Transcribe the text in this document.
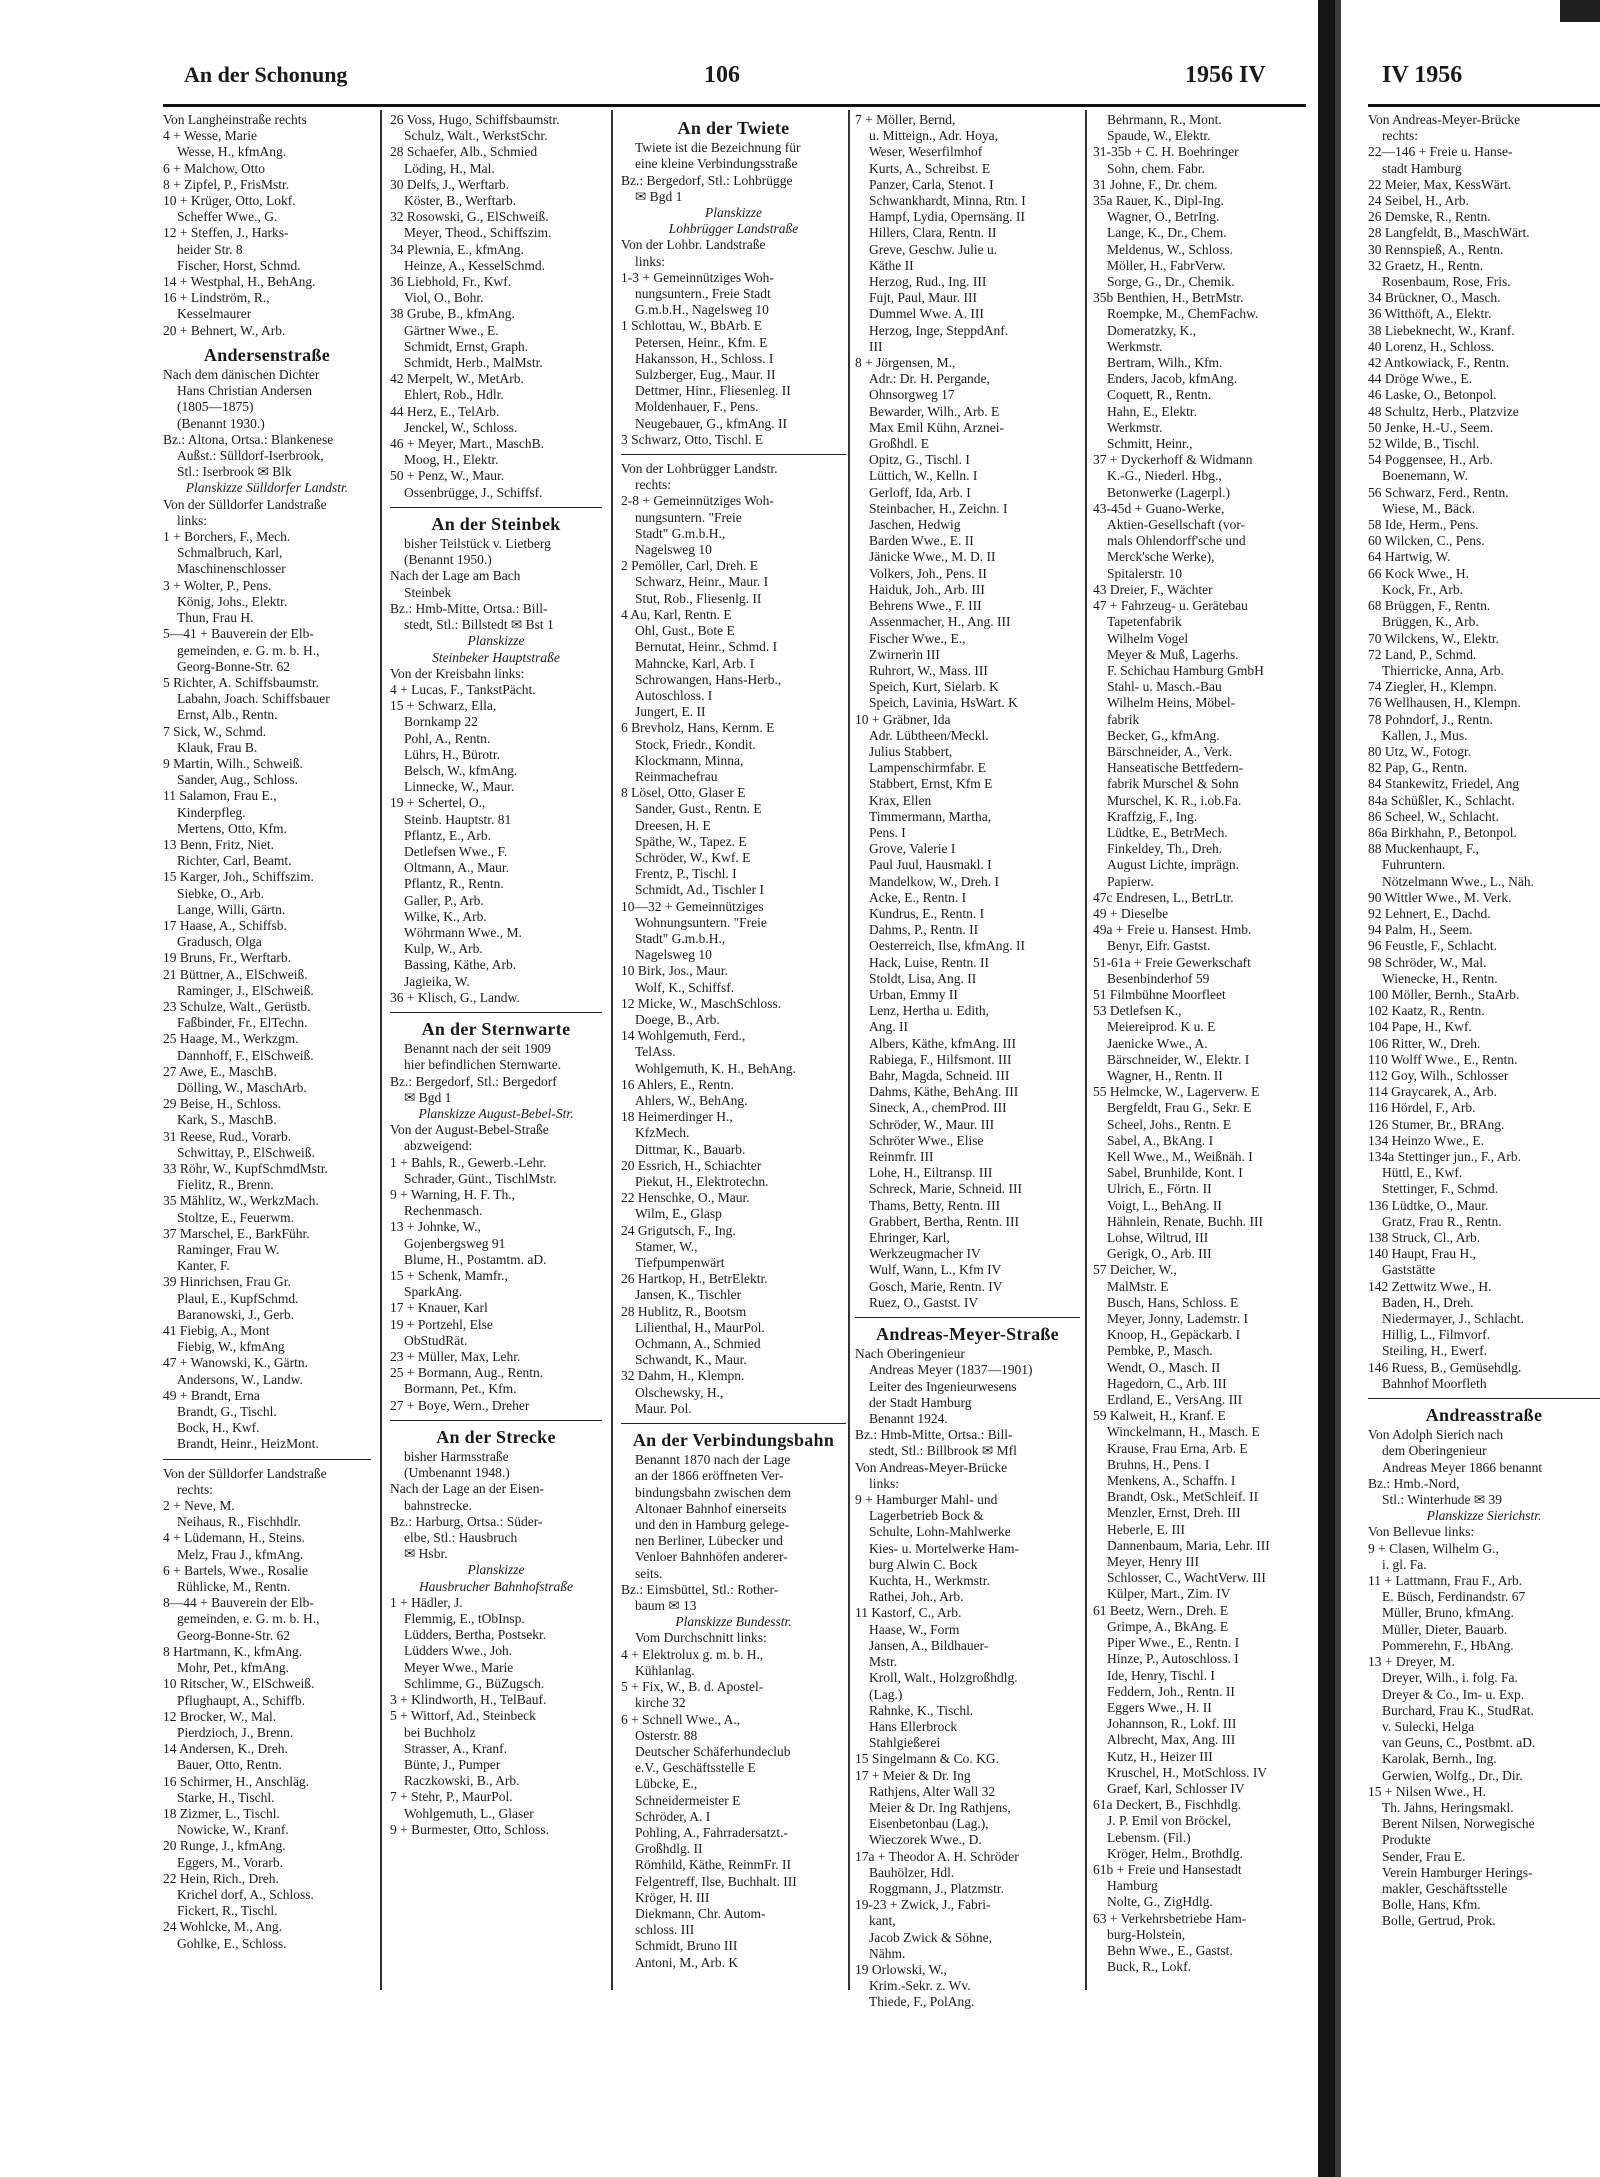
An der Schonung	106	1956 IV	IV 1956
Von Langheinstraße rechts
4 + Wesse, Marie
Wesse, H., kfmAng.
6 + Malchow, Otto
8 + Zipfel, P., FrisMstr.
10 + Krüger, Otto, Lokf.
Scheffer Wwe., G.
12 + Steffen, J., Harks-
heider Str. 8
Fischer, Horst, Schmd.
14 + Westphal, H., BehAng.
16 + Lindström, R.,
Kesselmaurer
20 + Behnert, W., Arb.
Andersenstraße
Nach dem dänischen Dichter
Hans Christian Andersen
(1805—1875)
(Benannt 1930.)
Bz.: Altona, Ortsa.: Blankenese
Außst.: Sülldorf-Iserbrook,
Stl.: Iserbrook ✉ Blk
Planskizze Sülldorfer Landstr.
Von der Sülldorfer Landstraße
links:
1 + Borchers, F., Mech.
Schmalbruch, Karl,
Maschinenschlosser
3 + Wolter, P., Pens.
König, Johs., Elektr.
Thun, Frau H.
5—41 + Bauverein der Elb-
gemeinden, e. G. m. b. H.,
Georg-Bonne-Str. 62
5 Richter, A. Schiffsbaumstr.
Labahn, Joach. Schiffsbauer
Ernst, Alb., Rentn.
7 Sick, W., Schmd.
Klauk, Frau B.
9 Martin, Wilh., Schweiß.
Sander, Aug., Schloss.
11 Salamon, Frau E.,
Kinderpfleg.
Mertens, Otto, Kfm.
13 Benn, Fritz, Niet.
Richter, Carl, Beamt.
15 Karger, Joh., Schiffszim.
Siebke, O., Arb.
Lange, Willi, Gärtn.
17 Haase, A., Schiffsb.
Gradusch, Olga
19 Bruns, Fr., Werftarb.
21 Büttner, A., ElSchweiß.
Raminger, J., ElSchweiß.
23 Schulze, Walt., Gerüstb.
Faßbinder, Fr., ElTechn.
25 Haage, M., Werkzgm.
Dannhoff, F., ElSchweiß.
27 Awe, E., MaschB.
Dölling, W., MaschArb.
29 Beise, H., Schloss.
Kark, S., MaschB.
31 Reese, Rud., Vorarb.
Schwittay, P., ElSchweiß.
33 Röhr, W., KupfSchmdMstr.
Fielitz, R., Brenn.
35 Mählitz, W., WerkzMach.
Stoltze, E., Feuerwm.
37 Marschel, E., BarkFühr.
Raminger, Frau W.
Kanter, F.
39 Hinrichsen, Frau Gr.
Plaul, E., KupfSchmd.
Baranowski, J., Gerb.
41 Fiebig, A., Mont
Fiebig, W., kfmAng
47 + Wanowski, K., Gärtn.
Andersons, W., Landw.
49 + Brandt, Erna
Brandt, G., Tischl.
Bock, H., Kwf.
Brandt, Heinr., HeizMont.
Von der Sülldorfer Landstraße
rechts:
2 + Neve, M.
Neihaus, R., Fischhdlr.
4 + Lüdemann, H., Steins.
Melz, Frau J., kfmAng.
6 + Bartels, Wwe., Rosalie
Rühlicke, M., Rentn.
8—44 + Bauverein der Elb-
gemeinden, e. G. m. b. H.,
Georg-Bonne-Str. 62
8 Hartmann, K., kfmAng.
Mohr, Pet., kfmAng.
10 Ritscher, W., ElSchweiß.
Pflughaupt, A., Schiffb.
12 Brocker, W., Mal.
Pierdzioch, J., Brenn.
14 Andersen, K., Dreh.
Bauer, Otto, Rentn.
16 Schirmer, H., Anschläg.
Starke, H., Tischl.
18 Zizmer, L., Tischl.
Nowicke, W., Kranf.
20 Runge, J., kfmAng.
Eggers, M., Vorarb.
22 Hein, Rich., Dreh.
Krichel dorf, A., Schloss.
Fickert, R., Tischl.
24 Wohlcke, M., Ang.
Gohlke, E., Schloss.
26 Voss, Hugo, Schiffsbaumstr.
Schulz, Walt., WerkstSchr.
28 Schaefer, Alb., Schmied
Löding, H., Mal.
30 Delfs, J., Werftarb.
Köster, B., Werftarb.
32 Rosowski, G., ElSchweiß.
Meyer, Theod., Schiffszim.
34 Plewnia, E., kfmAng.
Heinze, A., KesselSchmd.
36 Liebhold, Fr., Kwf.
Viol, O., Bohr.
38 Grube, B., kfmAng.
Gärtner Wwe., E.
Schmidt, Ernst, Graph.
Schmidt, Herb., MalMstr.
42 Merpelt, W., MetArb.
Ehlert, Rob., Hdlr.
44 Herz, E., TelArb.
Jenckel, W., Schloss.
46 + Meyer, Mart., MaschB.
Moog, H., Elektr.
50 + Penz, W., Maur.
Ossenbrügge, J., Schiffsf.
An der Steinbek
bisher Teilstück v. Lietberg
(Benannt 1950.)
Nach der Lage am Bach
Steinbek
Bz.: Hmb-Mitte, Ortsa.: Bill-
stedt, Stl.: Billstedt ✉ Bst 1
Planskizze
Steinbeker Hauptstraße
Von der Kreisbahn links:
4 + Lucas, F., TankstPächt.
15 + Schwarz, Ella,
Bornkamp 22
Pohl, A., Rentn.
Lührs, H., Bürotr.
Belsch, W., kfmAng.
Linnecke, W., Maur.
19 + Schertel, O.,
Steinb. Hauptstr. 81
Pflantz, E., Arb.
Detlefsen Wwe., F.
Oltmann, A., Maur.
Pflantz, R., Rentn.
Galler, P., Arb.
Wilke, K., Arb.
Wöhrmann Wwe., M.
Kulp, W., Arb.
Bassing, Käthe, Arb.
Jagieika, W.
36 + Klisch, G., Landw.
An der Sternwarte
Benannt nach der seit 1909
hier befindlichen Sternwarte.
Bz.: Bergedorf, Stl.: Bergedorf
✉ Bgd 1
Planskizze August-Bebel-Str.
Von der August-Bebel-Straße
abzweigend:
1 + Bahls, R., Gewerb.-Lehr.
Schrader, Günt., TischlMstr.
9 + Warning, H. F. Th.,
Rechenmasch.
13 + Johnke, W.,
Gojenbergsweg 91
Blume, H., Postamtm. aD.
15 + Schenk, Mamfr.,
SparkAng.
17 + Knauer, Karl
19 + Portzehl, Else
ObStudRät.
23 + Müller, Max, Lehr.
25 + Bormann, Aug., Rentn.
Bormann, Pet., Kfm.
27 + Boye, Wern., Dreher
An der Strecke
bisher Harmsstraße
(Umbenannt 1948.)
Nach der Lage an der Eisen-
bahnstrecke.
Bz.: Harburg, Ortsa.: Süder-
elbe, Stl.: Hausbruch
✉ Hsbr.
Planskizze
Hausbrucher Bahnhofstraße
1 + Hädler, J.
Flemmig, E., tObInsp.
Lüdders, Bertha, Postsekr.
Lüdders Wwe., Joh.
Meyer Wwe., Marie
Schlimme, G., BüZugsch.
3 + Klindworth, H., TelBauf.
5 + Wittorf, Ad., Steinbeck
bei Buchholz
Strasser, A., Kranf.
Bünte, J., Pumper
Raczkowski, B., Arb.
7 + Stehr, P., MaurPol.
Wohlgemuth, L., Glaser
9 + Burmester, Otto, Schloss.
An der Twiete
Twiete ist die Bezeichnung für
eine kleine Verbindungsstraße
Bz.: Bergedorf, Stl.: Lohbrügge
✉ Bgd 1
Planskizze
Lohbrügger Landstraße
Von der Lohbr. Landstraße
links:
1-3 + Gemeinnütziges Woh-
nungsuntern., Freie Stadt
G.m.b.H., Nagelsweg 10
1 Schlottau, W., BbArb. E
Petersen, Heinr., Kfm. E
Hakansson, H., Schloss. I
Sulzberger, Eug., Maur. II
Dettmer, Hinr., Fliesenleg. II
Moldenhauer, F., Pens.
Neugebauer, G., kfmAng. II
3 Schwarz, Otto, Tischl. E
Von der Lohbrügger Landstr.
rechts:
2-8 + Gemeinnütziges Woh-
nungsuntern. "Freie
Stadt" G.m.b.H.,
Nagelsweg 10
2 Pemöller, Carl, Dreh. E
Schwarz, Heinr., Maur. I
Stut, Rob., Fliesenlg. II
4 Au, Karl, Rentn. E
Ohl, Gust., Bote E
Bernutat, Heinr., Schmd. I
Mahncke, Karl, Arb. I
Schrowangen, Hans-Herb.,
Autoschloss. I
Jungert, E. II
6 Brevholz, Hans, Kernm. E
Stock, Friedr., Kondit.
Klockmann, Minna,
Reinmachefrau
8 Lösel, Otto, Glaser E
Sander, Gust., Rentn. E
Dreesen, H. E
Späthe, W., Tapez. E
Schröder, W., Kwf. E
Frentz, P., Tischl. I
Schmidt, Ad., Tischler I
10—32 + Gemeinnütziges
Wohnungsuntern. "Freie
Stadt" G.m.b.H.,
Nagelsweg 10
10 Birk, Jos., Maur.
Wolf, K., Schiffsf.
12 Micke, W., MaschSchloss.
Doege, B., Arb.
14 Wohlgemuth, Ferd.,
TelAss.
Wohlgemuth, K. H., BehAng.
16 Ahlers, E., Rentn.
Ahlers, W., BehAng.
18 Heimerdinger H.,
KfzMech.
Dittmar, K., Bauarb.
20 Essrich, H., Schiachter
Piekut, H., Elektrotechn.
22 Henschke, O., Maur.
Wilm, E., Glasp
24 Grigutsch, F., Ing.
Stamer, W.,
Tiefpumpenwärt
26 Hartkop, H., BetrElektr.
Jansen, K., Tischler
28 Hublitz, R., Bootsm
Lilienthal, H., MaurPol.
Ochmann, A., Schmied
Schwandt, K., Maur.
32 Dahm, H., Klempn.
Olschewsky, H.,
Maur. Pol.
An der Verbindungsbahn
Benannt 1870 nach der Lage
an der 1866 eröffneten Ver-
bindungsbahn zwischen dem
Altonaer Bahnhof einerseits
und den in Hamburg gelege-
nen Berliner, Lübecker und
Venloer Bahnhöfen anderer-
seits.
Bz.: Eimsbüttel, Stl.: Rother-
baum ✉ 13
Planskizze Bundesstr.
Vom Durchschnitt links:
4 + Elektrolux g. m. b. H.,
Kühlanlag.
5 + Fix, W., B. d. Apostel-
kirche 32
6 + Schnell Wwe., A.,
Osterstr. 88
Deutscher Schäferhundeclub
e.V., Geschäftsstelle E
Lübcke, E.,
Schneidermeister E
Schröder, A. I
Pohling, A., Fahrradersatzt.-
Großhdlg. II
Römhild, Käthe, ReinmFr. II
Felgentreff, Ilse, Buchhalt. III
Kröger, H. III
Diekmann, Chr. Autom-
schloss. III
Schmidt, Bruno III
Antoni, M., Arb. K
7 + Möller, Bernd,
u. Mitteign., Adr. Hoya,
Weser, Weserfilmhof
Kurts, A., Schreibst. E
Panzer, Carla, Stenot. I
Schwankhardt, Minna, Rtn. I
Hampf, Lydia, Opernsäng. II
Hillers, Clara, Rentn. II
Greve, Geschw. Julie u.
Käthe II
Herzog, Rud., Ing. III
Fujt, Paul, Maur. III
Dummel Wwe. A. III
Herzog, Inge, SteppdAnf.
III
8 + Jörgensen, M.,
Adr.: Dr. H. Pergande,
Ohnsorgweg 17
Bewarder, Wilh., Arb. E
Max Emil Kühn, Arznei-
Großhdl. E
Opitz, G., Tischl. I
Lüttich, W., Kelln. I
Gerloff, Ida, Arb. I
Steinbacher, H., Zeichn. I
Jaschen, Hedwig
Barden Wwe., E. II
Jänicke Wwe., M. D. II
Volkers, Joh., Pens. II
Haiduk, Joh., Arb. III
Behrens Wwe., F. III
Assenmacher, H., Ang. III
Fischer Wwe., E.,
Zwirnerin III
Ruhrort, W., Mass. III
Speich, Kurt, Sielarb. K
Speich, Lavinia, HsWart. K
10 + Gräbner, Ida
Adr. Lübtheen/Meckl.
Julius Stabbert,
Lampenschirmfabr. E
Stabbert, Ernst, Kfm E
Krax, Ellen
Timmermann, Martha,
Pens. I
Grove, Valerie I
Paul Juul, Hausmakl. I
Mandelkow, W., Dreh. I
Acke, E., Rentn. I
Kundrus, E., Rentn. I
Dahms, P., Rentn. II
Oesterreich, Ilse, kfmAng. II
Hack, Luise, Rentn. II
Stoldt, Lisa, Ang. II
Urban, Emmy II
Lenz, Hertha u. Edith,
Ang. II
Albers, Käthe, kfmAng. III
Rabiega, F., Hilfsmont. III
Bahr, Magda, Schneid. III
Dahms, Käthe, BehAng. III
Sineck, A., chemProd. III
Schröder, W., Maur. III
Schröter Wwe., Elise
Reinmfr. III
Lohe, H., Eiltransp. III
Schreck, Marie, Schneid. III
Thams, Betty, Rentn. III
Grabbert, Bertha, Rentn. III
Ehringer, Karl,
Werkzeugmacher IV
Wulf, Wann, L., Kfm IV
Gosch, Marie, Rentn. IV
Ruez, O., Gastst. IV
Andreas-Meyer-Straße
Nach Oberingenieur
Andreas Meyer (1837—1901)
Leiter des Ingenieurwesens
der Stadt Hamburg
Benannt 1924.
Bz.: Hmb-Mitte, Ortsa.: Bill-
stedt, Stl.: Billbrook ✉ Mfl
Von Andreas-Meyer-Brücke
links:
9 + Hamburger Mahl- und
Lagerbetrieb Bock &
Schulte, Lohn-Mahlwerke
Kies- u. Mortelwerke Ham-
burg Alwin C. Bock
Kuchta, H., Werkmstr.
Rathei, Joh., Arb.
11 Kastorf, C., Arb.
Haase, W., Form
Jansen, A., Bildhauer-
Mstr.
Kroll, Walt., Holzgroßhdlg.
(Lag.)
Rahnke, K., Tischl.
Hans Ellerbrock
Stahlgießerei
15 Singelmann & Co. KG.
17 + Meier & Dr. Ing
Rathjens, Alter Wall 32
Meier & Dr. Ing Rathjens,
Eisenbetonbau (Lag.),
Wieczorek Wwe., D.
17a + Theodor A. H. Schröder
Bauhölzer, Hdl.
Roggmann, J., Platzmstr.
19-23 + Zwick, J., Fabri-
kant,
Jacob Zwick & Söhne,
Nähm.
19 Orlowski, W.,
Krim.-Sekr. z. Wv.
Thiede, F., PolAng.
Behrmann, R., Mont.
Spaude, W., Elektr.
31-35b + C. H. Boehringer
Sohn, chem. Fabr.
31 Johne, F., Dr. chem.
35a Rauer, K., Dipl-Ing.
Wagner, O., BetrIng.
Lange, K., Dr., Chem.
Meldenus, W., Schloss.
Möller, H., FabrVerw.
Sorge, G., Dr., Chemik.
35b Benthien, H., BetrMstr.
Roempke, M., ChemFachw.
Domeratzky, K.,
Werkmstr.
Bertram, Wilh., Kfm.
Enders, Jacob, kfmAng.
Coquett, R., Rentn.
Hahn, E., Elektr.
Werkmstr.
Schmitt, Heinr.,
37 + Dyckerhoff & Widmann
K.-G., Niederl. Hbg.,
Betonwerke (Lagerpl.)
43-45d + Guano-Werke,
Aktien-Gesellschaft (vor-
mals Ohlendorff'sche und
Merck'sche Werke),
Spitalerstr. 10
43 Dreier, F., Wächter
47 + Fahrzeug- u. Gerätebau
Tapetenfabrik
Wilhelm Vogel
Meyer & Muß, Lagerhs.
F. Schichau Hamburg GmbH
Stahl- u. Masch.-Bau
Wilhelm Heins, Möbel-
fabrik
Becker, G., kfmAng.
Bärschneider, A., Verk.
Hanseatische Bettfedern-
fabrik Murschel & Sohn
Murschel, K. R., i.ob.Fa.
Kraffzig, F., Ing.
Lüdtke, E., BetrMech.
Finkeldey, Th., Dreh.
August Lichte, imprägn.
Papierw.
47c Endresen, L., BetrLtr.
49 + Dieselbe
49a + Freie u. Hansest. Hmb.
Benyr, Eifr. Gastst.
51-61a + Freie Gewerkschaft
Besenbinderhof 59
51 Filmbühne Moorfleet
53 Detlefsen K.,
Meiereiprod. K u. E
Jaenicke Wwe., A.
Bärschneider, W., Elektr. I
Wagner, H., Rentn. II
55 Helmcke, W., Lagerverw. E
Bergfeldt, Frau G., Sekr. E
Scheel, Johs., Rentn. E
Sabel, A., BkAng. I
Kell Wwe., M., Weißnäh. I
Sabel, Brunhilde, Kont. I
Ulrich, E., Förtn. II
Voigt, L., BehAng. II
Hähnlein, Renate, Buchh. III
Lohse, Wiltrud, III
Gerigk, O., Arb. III
57 Deicher, W.,
MalMstr. E
Busch, Hans, Schloss. E
Meyer, Jonny, Lademstr. I
Knoop, H., Gepäckarb. I
Pembke, P., Masch.
Wendt, O., Masch. II
Hagedorn, C., Arb. III
Erdland, E., VersAng. III
59 Kalweit, H., Kranf. E
Winckelmann, H., Masch. E
Krause, Frau Erna, Arb. E
Bruhns, H., Pens. I
Menkens, A., Schaffn. I
Brandt, Osk., MetSchleif. II
Menzler, Ernst, Dreh. III
Heberle, E. III
Dannenbaum, Maria, Lehr. III
Meyer, Henry III
Schlosser, C., WachtVerw. III
Külper, Mart., Zim. IV
61 Beetz, Wern., Dreh. E
Grimpe, A., BkAng. E
Piper Wwe., E., Rentn. I
Hinze, P., Autoschloss. I
Ide, Henry, Tischl. I
Feddern, Joh., Rentn. II
Eggers Wwe., H. II
Johannson, R., Lokf. III
Albrecht, Max, Ang. III
Kutz, H., Heizer III
Kruschel, H., MotSchloss. IV
Graef, Karl, Schlosser IV
61a Deckert, B., Fischhdlg.
J. P. Emil von Bröckel,
Lebensm. (Fil.)
Kröger, Helm., Brothdlg.
61b + Freie und Hansestadt
Hamburg
Nolte, G., ZigHdlg.
63 + Verkehrsbetriebe Ham-
burg-Holstein,
Behn Wwe., E., Gastst.
Buck, R., Lokf.
Von Andreas-Meyer-Brücke
rechts:
22—146 + Freie u. Hanse-
stadt Hamburg
22 Meier, Max, KessWärt.
24 Seibel, H., Arb.
26 Demske, R., Rentn.
28 Langfeldt, B., MaschWärt.
30 Rennspieß, A., Rentn.
32 Graetz, H., Rentn.
Rosenbaum, Rose, Fris.
34 Brückner, O., Masch.
36 Witthöft, A., Elektr.
38 Liebeknecht, W., Kranf.
40 Lorenz, H., Schloss.
42 Antkowiack, F., Rentn.
44 Dröge Wwe., E.
46 Laske, O., Betonpol.
48 Schultz, Herb., Platzvize
50 Jenke, H.-U., Seem.
52 Wilde, B., Tischl.
54 Poggensee, H., Arb.
Boenemann, W.
56 Schwarz, Ferd., Rentn.
Wiese, M., Bäck.
58 Ide, Herm., Pens.
60 Wilcken, C., Pens.
64 Hartwig, W.
66 Kock Wwe., H.
Kock, Fr., Arb.
68 Brüggen, F., Rentn.
Brüggen, K., Arb.
70 Wilckens, W., Elektr.
72 Land, P., Schmd.
Thierricke, Anna, Arb.
74 Ziegler, H., Klempn.
76 Wellhausen, H., Klempn.
78 Pohndorf, J., Rentn.
Kallen, J., Mus.
80 Utz, W., Fotogr.
82 Pap, G., Rentn.
84 Stankewitz, Friedel, Ang
84a Schüßler, K., Schlacht.
86 Scheel, W., Schlacht.
86a Birkhahn, P., Betonpol.
88 Muckenhaupt, F.,
Fuhruntern.
Nötzelmann Wwe., L., Näh.
90 Wittler Wwe., M. Verk.
92 Lehnert, E., Dachd.
94 Palm, H., Seem.
96 Feustle, F., Schlacht.
98 Schröder, W., Mal.
Wienecke, H., Rentn.
100 Möller, Bernh., StaArb.
102 Kaatz, R., Rentn.
104 Pape, H., Kwf.
106 Ritter, W., Dreh.
110 Wolff Wwe., E., Rentn.
112 Goy, Wilh., Schlosser
114 Graycarek, A., Arb.
116 Hördel, F., Arb.
126 Stumer, Br., BRAng.
134 Heinzo Wwe., E.
134a Stettinger jun., F., Arb.
Hüttl, E., Kwf.
Stettinger, F., Schmd.
136 Lüdtke, O., Maur.
Gratz, Frau R., Rentn.
138 Struck, Cl., Arb.
140 Haupt, Frau H.,
Gaststätte
142 Zettwitz Wwe., H.
Baden, H., Dreh.
Niedermayer, J., Schlacht.
Hillig, L., Filmvorf.
Steiling, H., Ewerf.
146 Ruess, B., Gemüsehdlg.
Bahnhof Moorfleth
Andreasstraße
Von Adolph Sierich nach
dem Oberingenieur
Andreas Meyer 1866 benannt
Bz.: Hmb.-Nord,
Stl.: Winterhude ✉ 39
Planskizze Sierichstr.
Von Bellevue links:
9 + Clasen, Wilhelm G.,
i. gl. Fa.
11 + Lattmann, Frau F., Arb.
E. Büsch, Ferdinandstr. 67
Müller, Bruno, kfmAng.
Müller, Dieter, Bauarb.
Pommerehn, F., HbAng.
13 + Dreyer, M.
Dreyer, Wilh., i. folg. Fa.
Dreyer & Co., Im- u. Exp.
Burchard, Frau K., StudRat.
v. Sulecki, Helga
van Geuns, C., Postbmt. aD.
Karolak, Bernh., Ing.
Gerwien, Wolfg., Dr., Dir.
15 + Nilsen Wwe., H.
Th. Jahns, Heringsmakl.
Berent Nilsen, Norwegische
Produkte
Sender, Frau E.
Verein Hamburger Herings-
makler, Geschäftsstelle
Bolle, Hans, Kfm.
Bolle, Gertrud, Prok.
